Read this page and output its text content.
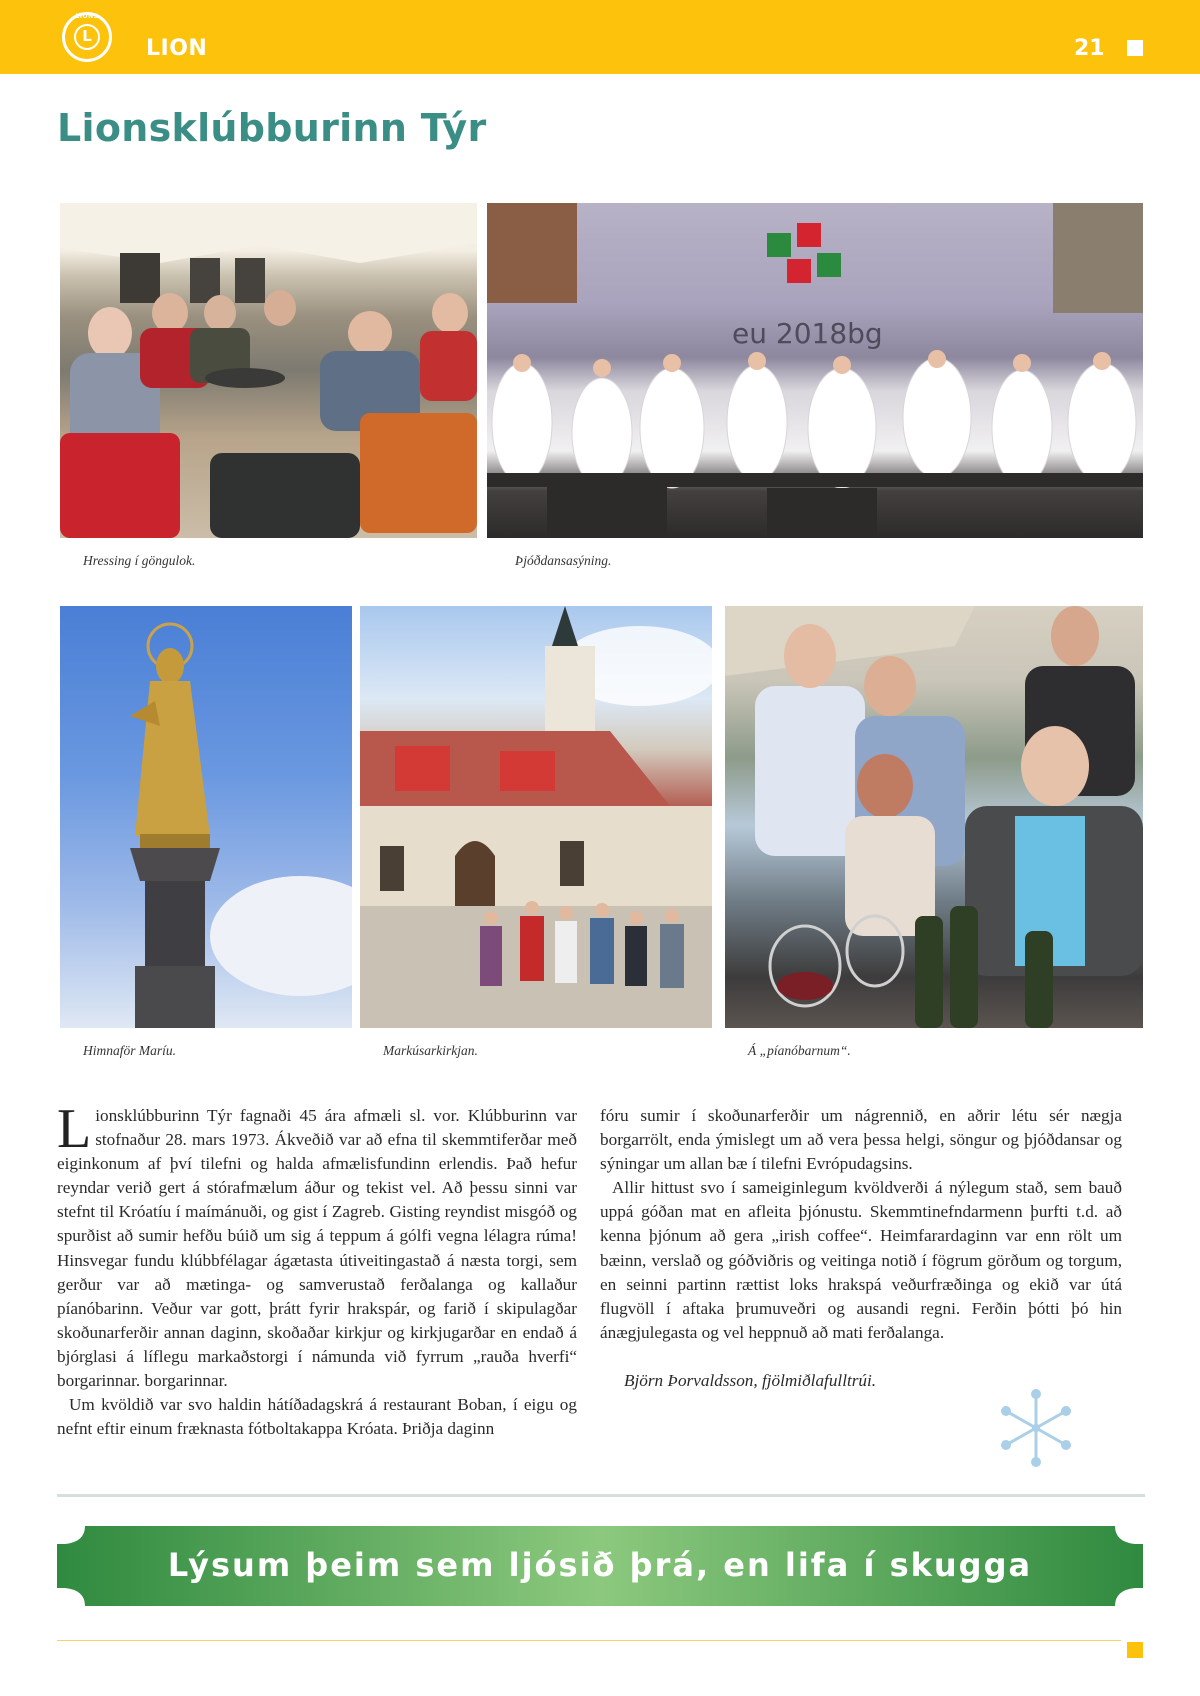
LIONS
L LION	21
Lionsklúbburinn Týr
Hressing í göngulok.
eu 2018bg
Þjóðdansasýning.
Himnaför Maríu.	Markúsarkirkjan.	Á „píanóbarnum“.

Lionsklúbburinn Týr fagnaði 45 ára afmæli sl. vor. Klúbburinn var stofnaður 28. mars 1973. Ákveðið var að efna til skemmtiferðar með eiginkonum af því tilefni og halda afmælisfundinn erlendis. Það hefur reyndar verið gert á stórafmælum áður og tekist vel. Að þessu sinni var stefnt til Króatíu í maímánuði, og gist í Zagreb. Gisting reyndist misgóð og spurðist að sumir hefðu búið um sig á teppum á gólfi vegna lélagra rúma! Hinsvegar fundu klúbbfélagar ágætasta útiveitingastað á næsta torgi, sem gerður var að mætinga- og samverustað ferðalanga og kallaður píanóbarinn. Veður var gott, þrátt fyrir hrakspár, og farið í skipulagðar skoðunarferðir annan daginn, skoðaðar kirkjur og kirkjugarðar en endað á bjórglasi á líflegu markaðstorgi í námunda við fyrrum „rauða hverfi“ borgarinnar. borgarinnar.

Um kvöldið var svo haldin hátíðadagskrá á restaurant Boban, í eigu og nefnt eftir einum fræknasta fótboltakappa Króata. Þriðja daginn

fóru sumir í skoðunarferðir um nágrennið, en aðrir létu sér nægja borgarrölt, enda ýmislegt um að vera þessa helgi, söngur og þjóðdansar og sýningar um allan bæ í tilefni Evrópudagsins.

Allir hittust svo í sameiginlegum kvöldverði á nýlegum stað, sem bauð uppá góðan mat en afleita þjónustu. Skemmtinefndarmenn þurfti t.d. að kenna þjónum að gera „irish coffee“. Heimfarardaginn var enn rölt um bæinn, verslað og góðviðris og veitinga notið í fögrum görðum og torgum, en seinni partinn rættist loks hrakspá veðurfræðinga og ekið var útá flugvöll í aftaka þrumuveðri og ausandi regni. Ferðin þótti þó hin ánægjulegasta og vel heppnuð að mati ferðalanga.

Björn Þorvaldsson, fjölmiðlafulltrúi.

Lýsum þeim sem ljósið þrá, en lifa í skugga
